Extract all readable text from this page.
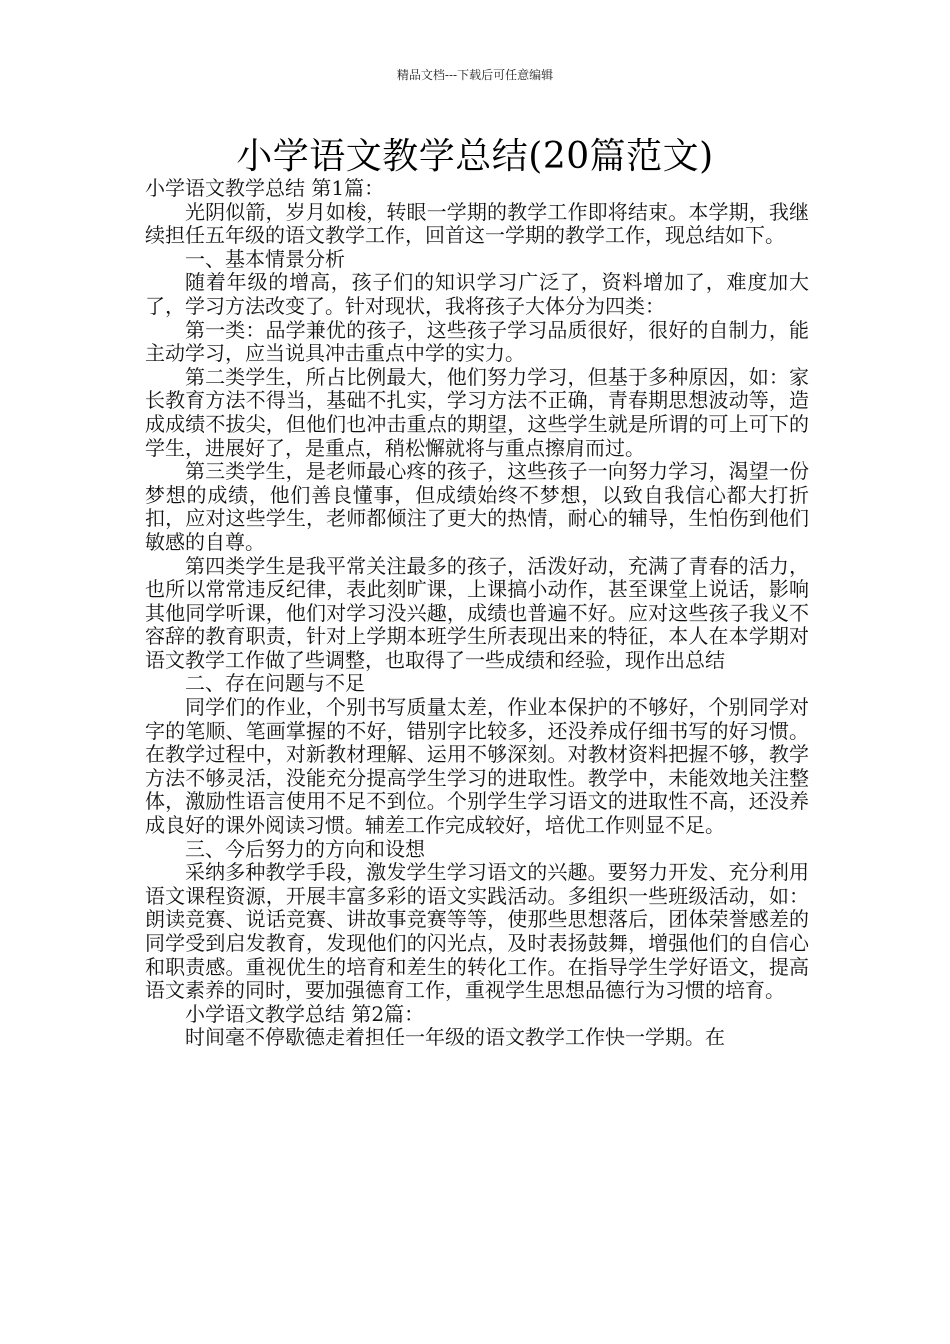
精品文档---下载后可任意编辑
小学语文教学总结(20篇范文)

小学语文教学总结 第1篇：

光阴似箭，岁月如梭，转眼一学期的教学工作即将结束。本学期，我继续担任五年级的语文教学工作，回首这一学期的教学工作，现总结如下。

一、基本情景分析

随着年级的增高，孩子们的知识学习广泛了，资料增加了，难度加大了，学习方法改变了。针对现状，我将孩子大体分为四类：

第一类：品学兼优的孩子，这些孩子学习品质很好，很好的自制力，能主动学习，应当说具冲击重点中学的实力。

第二类学生，所占比例最大，他们努力学习，但基于多种原因，如：家长教育方法不得当，基础不扎实，学习方法不正确，青春期思想波动等，造成成绩不拔尖，但他们也冲击重点的期望，这些学生就是所谓的可上可下的学生，进展好了，是重点，稍松懈就将与重点擦肩而过。

第三类学生，是老师最心疼的孩子，这些孩子一向努力学习，渴望一份梦想的成绩，他们善良懂事，但成绩始终不梦想，以致自我信心都大打折扣，应对这些学生，老师都倾注了更大的热情，耐心的辅导，生怕伤到他们敏感的自尊。

第四类学生是我平常关注最多的孩子，活泼好动，充满了青春的活力，也所以常常违反纪律，表此刻旷课，上课搞小动作，甚至课堂上说话，影响其他同学听课，他们对学习没兴趣，成绩也普遍不好。应对这些孩子我义不容辞的教育职责，针对上学期本班学生所表现出来的特征，本人在本学期对语文教学工作做了些调整，也取得了一些成绩和经验，现作出总结

二、存在问题与不足

同学们的作业，个别书写质量太差，作业本保护的不够好，个别同学对字的笔顺、笔画掌握的不好，错别字比较多，还没养成仔细书写的好习惯。在教学过程中，对新教材理解、运用不够深刻。对教材资料把握不够，教学方法不够灵活，没能充分提高学生学习的进取性。教学中，未能效地关注整体，激励性语言使用不足不到位。个别学生学习语文的进取性不高，还没养成良好的课外阅读习惯。辅差工作完成较好，培优工作则显不足。

三、今后努力的方向和设想

采纳多种教学手段，激发学生学习语文的兴趣。要努力开发、充分利用语文课程资源，开展丰富多彩的语文实践活动。多组织一些班级活动，如：朗读竞赛、说话竞赛、讲故事竞赛等等，使那些思想落后，团体荣誉感差的同学受到启发教育，发现他们的闪光点，及时表扬鼓舞，增强他们的自信心和职责感。重视优生的培育和差生的转化工作。在指导学生学好语文，提高语文素养的同时，要加强德育工作，重视学生思想品德行为习惯的培育。

小学语文教学总结 第2篇：

时间毫不停歇德走着担任一年级的语文教学工作快一学期。在
